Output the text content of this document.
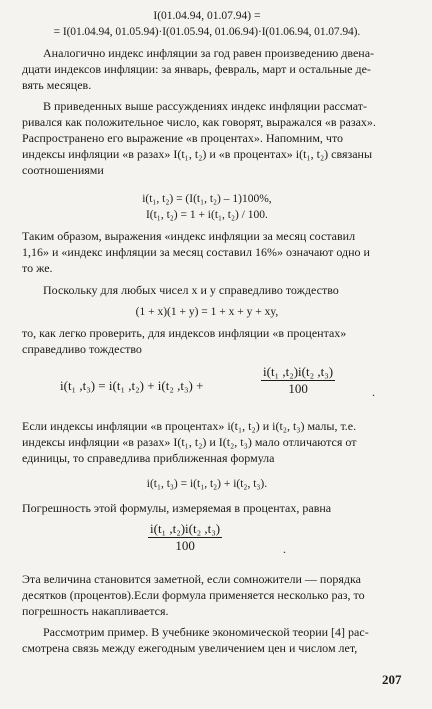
I(01.04.94, 01.07.94) =
= I(01.04.94, 01.05.94)·I(01.05.94, 01.06.94)·I(01.06.94, 01.07.94).
Аналогично индекс инфляции за год равен произведению двена-
дцати индексов инфляции: за январь, февраль, март и остальные де-
вять месяцев.
В приведенных выше рассуждениях индекс инфляции рассмат-
ривался как положительное число, как говорят, выражался «в разах».
Распространено его выражение «в процентах». Напомним, что
индексы инфляции «в разах» I(t₁, t₂) и «в процентах» i(t₁, t₂) связаны
соотношениями
i(t₁, t₂) = (I(t₁, t₂) – 1)100%,
I(t₁, t₂) = 1 + i(t₁, t₂) / 100.
Таким образом, выражения «индекс инфляции за месяц составил
1,16» и «индекс инфляции за месяц составил 16%» означают одно и
то же.
Поскольку для любых чисел x и y справедливо тождество
(1 + x)(1 + y) = 1 + x + y + xy,
то, как легко проверить, для индексов инфляции «в процентах»
справедливо тождество
i(t₁ ,t₃) = i(t₁ ,t₂) + i(t₂ ,t₃) +	$\frac{\text{i(t₁ ,t₂)i(t₂ ,t₃)}}{100}$	.
Если индексы инфляции «в процентах» i(t₁, t₂) и i(t₂, t₃) малы, т.е.
индексы инфляции «в разах» I(t₁, t₂) и I(t₂, t₃) мало отличаются от
единицы, то справедлива приближенная формула
i(t₁, t₃) = i(t₁, t₂) + i(t₂, t₃).
Погрешность этой формулы, измеряемая в процентах, равна
$\frac{\text{i(t₁ ,t₂)i(t₂ ,t₃)}}{100}$	.
Эта величина становится заметной, если сомножители — порядка
десятков (процентов).Если формула применяется несколько раз, то
погрешность накапливается.
Рассмотрим пример. В учебнике экономической теории [4] рас-
смотрена связь между ежегодным увеличением цен и числом лет,
207
